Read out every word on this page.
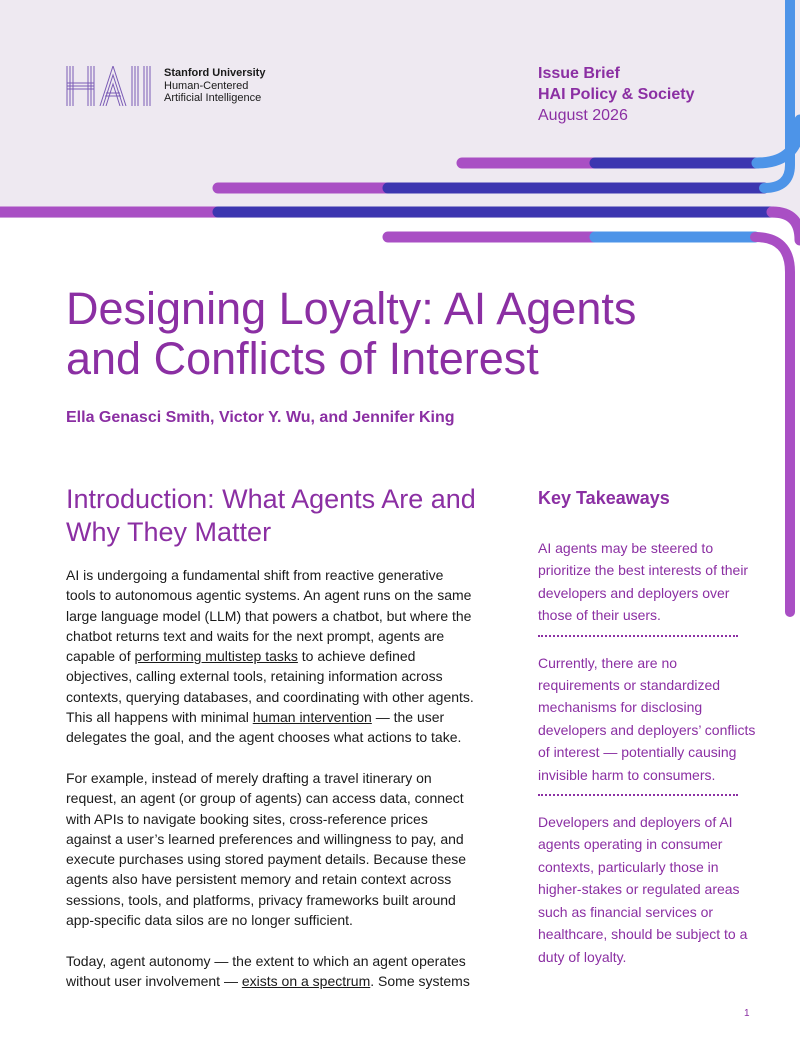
Stanford University
Human-Centered
Artificial Intelligence
Issue Brief
HAI Policy & Society
August 2026
Designing Loyalty: AI Agents and Conflicts of Interest
Ella Genasci Smith, Victor Y. Wu, and Jennifer King
Introduction: What Agents Are and Why They Matter

AI is undergoing a fundamental shift from reactive generative tools to autonomous agentic systems. An agent runs on the same large language model (LLM) that powers a chatbot, but where the chatbot returns text and waits for the next prompt, agents are capable of performing multistep tasks to achieve defined objectives, calling external tools, retaining information across contexts, querying databases, and coordinating with other agents. This all happens with minimal human intervention — the user delegates the goal, and the agent chooses what actions to take.

For example, instead of merely drafting a travel itinerary on request, an agent (or group of agents) can access data, connect with APIs to navigate booking sites, cross-reference prices against a user’s learned preferences and willingness to pay, and execute purchases using stored payment details. Because these agents also have persistent memory and retain context across sessions, tools, and platforms, privacy frameworks built around app-specific data silos are no longer sufficient.

Today, agent autonomy — the extent to which an agent operates without user involvement — exists on a spectrum. Some systems

Key Takeaways

AI agents may be steered to prioritize the best interests of their developers and deployers over those of their users.

Currently, there are no requirements or standardized mechanisms for disclosing developers and deployers’ conflicts of interest — potentially causing invisible harm to consumers.

Developers and deployers of AI agents operating in consumer contexts, particularly those in higher-stakes or regulated areas such as financial services or healthcare, should be subject to a duty of loyalty.

1
